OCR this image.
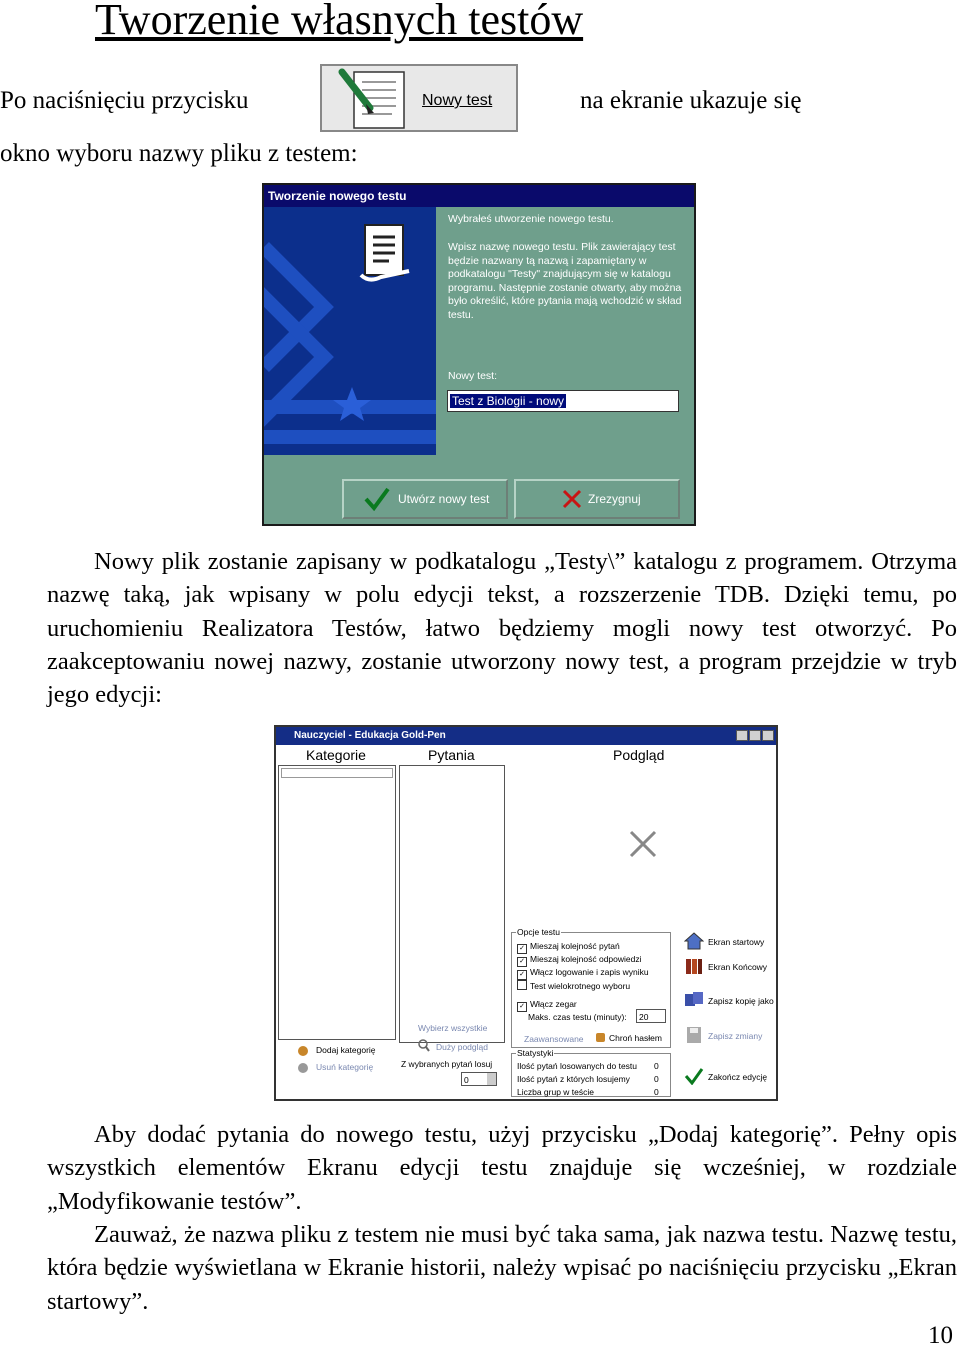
Tworzenie własnych testów
Po naciśnięciu przycisku	Nowy test	na ekranie ukazuje się
okno wyboru nazwy pliku z testem:
Tworzenie nowego testu
Wybrałeś utworzenie nowego testu.
Wpisz nazwę nowego testu. Plik zawierający test będzie nazwany tą nazwą i zapamiętany w podkatalogu "Testy" znajdującym się w katalogu programu. Następnie zostanie otwarty, aby można było określić, które pytania mają wchodzić w skład testu.
Nowy test:
Test z Biologii - nowy
Utwórz nowy test	Zrezygnuj

Nowy plik zostanie zapisany w podkatalogu „Testy\” katalogu z programem. Otrzyma nazwę taką, jak wpisany w polu edycji tekst, a rozszerzenie TDB. Dzięki temu, po uruchomieniu Realizatora Testów, łatwo będziemy mogli nowy test otworzyć. Po zaakceptowaniu nowej nazwy, zostanie utworzony nowy test, a program przejdzie w tryb jego edycji:

Nauczyciel - Edukacja Gold-Pen
Kategorie	Pytania	Podgląd
Dodaj kategorię
Usuń kategorię
Wybierz wszystkie
Duży podgląd
Z wybranych pytań losuj
0
Opcje testu
✓ Mieszaj kolejność pytań
✓ Mieszaj kolejność odpowiedzi
✓ Włącz logowanie i zapis wyniku
Test wielokrotnego wyboru
✓ Włącz zegar
Maks. czas testu (minuty): 20
Zaawansowane	Chroń hasłem
Statystyki
Ilość pytań losowanych do testu 0
Ilość pytań z których losujemy	0
Liczba grup w teście	0
Ekran startowy
Ekran Końcowy
Zapisz kopię jako
Zapisz zmiany
Zakończ edycję

Aby dodać pytania do nowego testu, użyj przycisku „Dodaj kategorię”. Pełny opis wszystkich elementów Ekranu edycji testu znajduje się wcześniej, w rozdziale „Modyfikowanie testów”.

Zauważ, że nazwa pliku z testem nie musi być taka sama, jak nazwa testu. Nazwę testu, która będzie wyświetlana w Ekranie historii, należy wpisać po naciśnięciu przycisku „Ekran startowy”.

10
